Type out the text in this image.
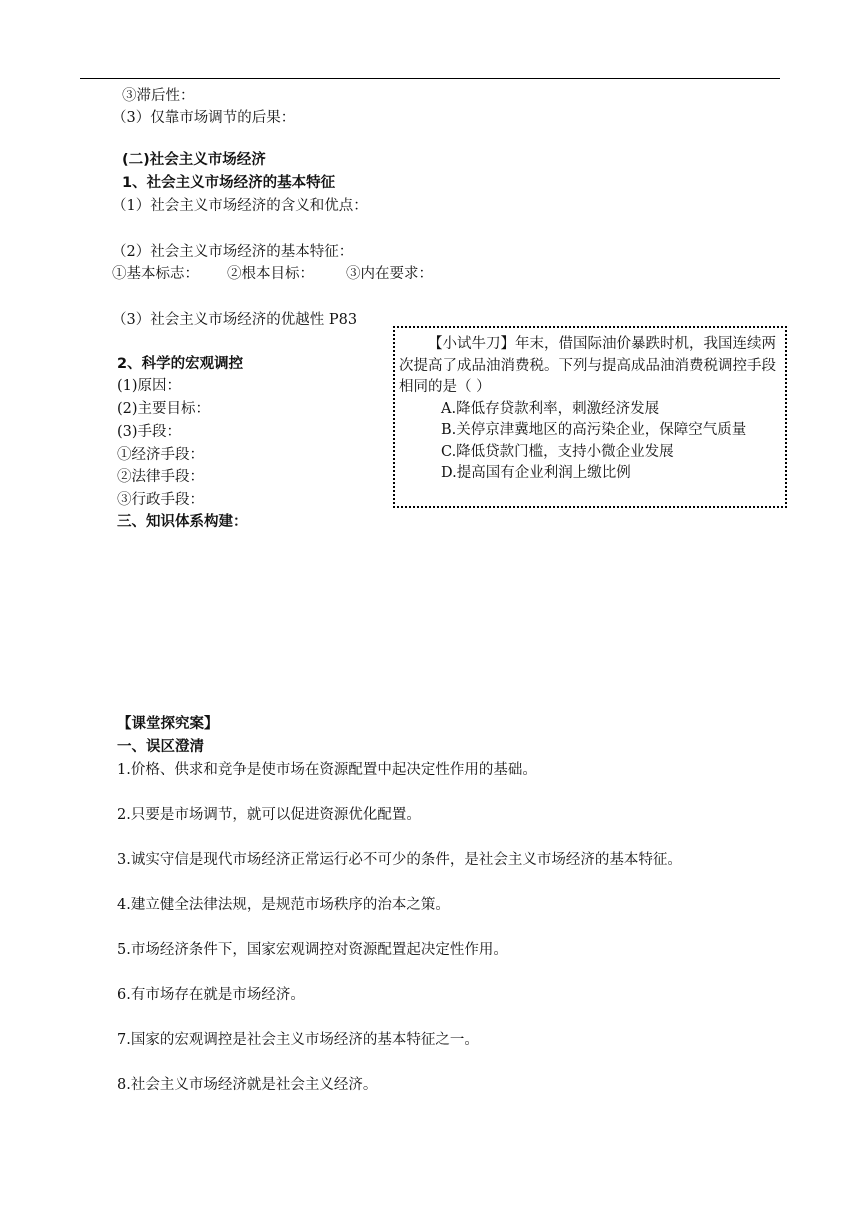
③滞后性：
（3）仅靠市场调节的后果：
(二)社会主义市场经济
1、社会主义市场经济的基本特征
（1）社会主义市场经济的含义和优点：
（2）社会主义市场经济的基本特征：
①基本标志： ②根本目标： ③内在要求：
（3）社会主义市场经济的优越性 P83
2、科学的宏观调控
(1)原因：
(2)主要目标：
(3)手段：
①经济手段：
②法律手段：
③行政手段：
三、知识体系构建：

【小试牛刀】年末，借国际油价暴跌时机，我国连续两次提高了成品油消费税。下列与提高成品油消费税调控手段相同的是（ ）

A.降低存贷款利率，刺激经济发展

B.关停京津冀地区的高污染企业，保障空气质量

C.降低贷款门槛，支持小微企业发展

D.提高国有企业利润上缴比例

【课堂探究案】
一、误区澄清
1.价格、供求和竞争是使市场在资源配置中起决定性作用的基础。
2.只要是市场调节，就可以促进资源优化配置。
3.诚实守信是现代市场经济正常运行必不可少的条件，是社会主义市场经济的基本特征。
4.建立健全法律法规，是规范市场秩序的治本之策。
5.市场经济条件下，国家宏观调控对资源配置起决定性作用。
6.有市场存在就是市场经济。
7.国家的宏观调控是社会主义市场经济的基本特征之一。
8.社会主义市场经济就是社会主义经济。
